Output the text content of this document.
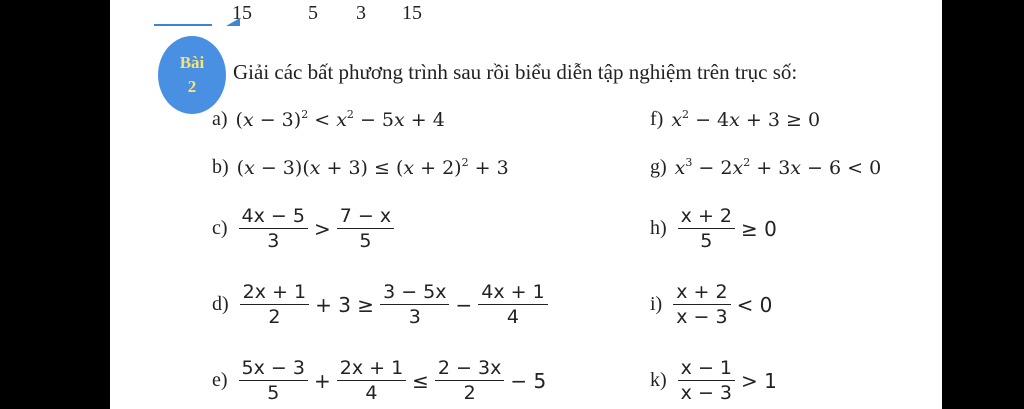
15	5 3 15
Bài
2
Giải các bất phương trình sau rồi biểu diễn tập nghiệm trên trục số:
a) $(x - 3)^2 < x^2 - 5x + 4$
b) $(x - 3)(x + 3) \le (x + 2)^2 + 3$
$c) \frac{4x - 5}{3} > \frac{7 - x}{5}$
$d) \frac{2x + 1}{2} + 3 \ge \frac{3 - 5x}{3} - \frac{4x + 1}{4}$
$e) \frac{5x - 3}{5} + \frac{2x + 1}{4} \le \frac{2 - 3x}{2} - 5$
f) $x^2 - 4x + 3 \ge 0$
g) $x^3 - 2x^2 + 3x - 6 < 0$
$h) \frac{x + 2}{5} \ge 0$
$i) \frac{x + 2}{x - 3} < 0$
$k) \frac{x - 1}{x - 3} > 1$
